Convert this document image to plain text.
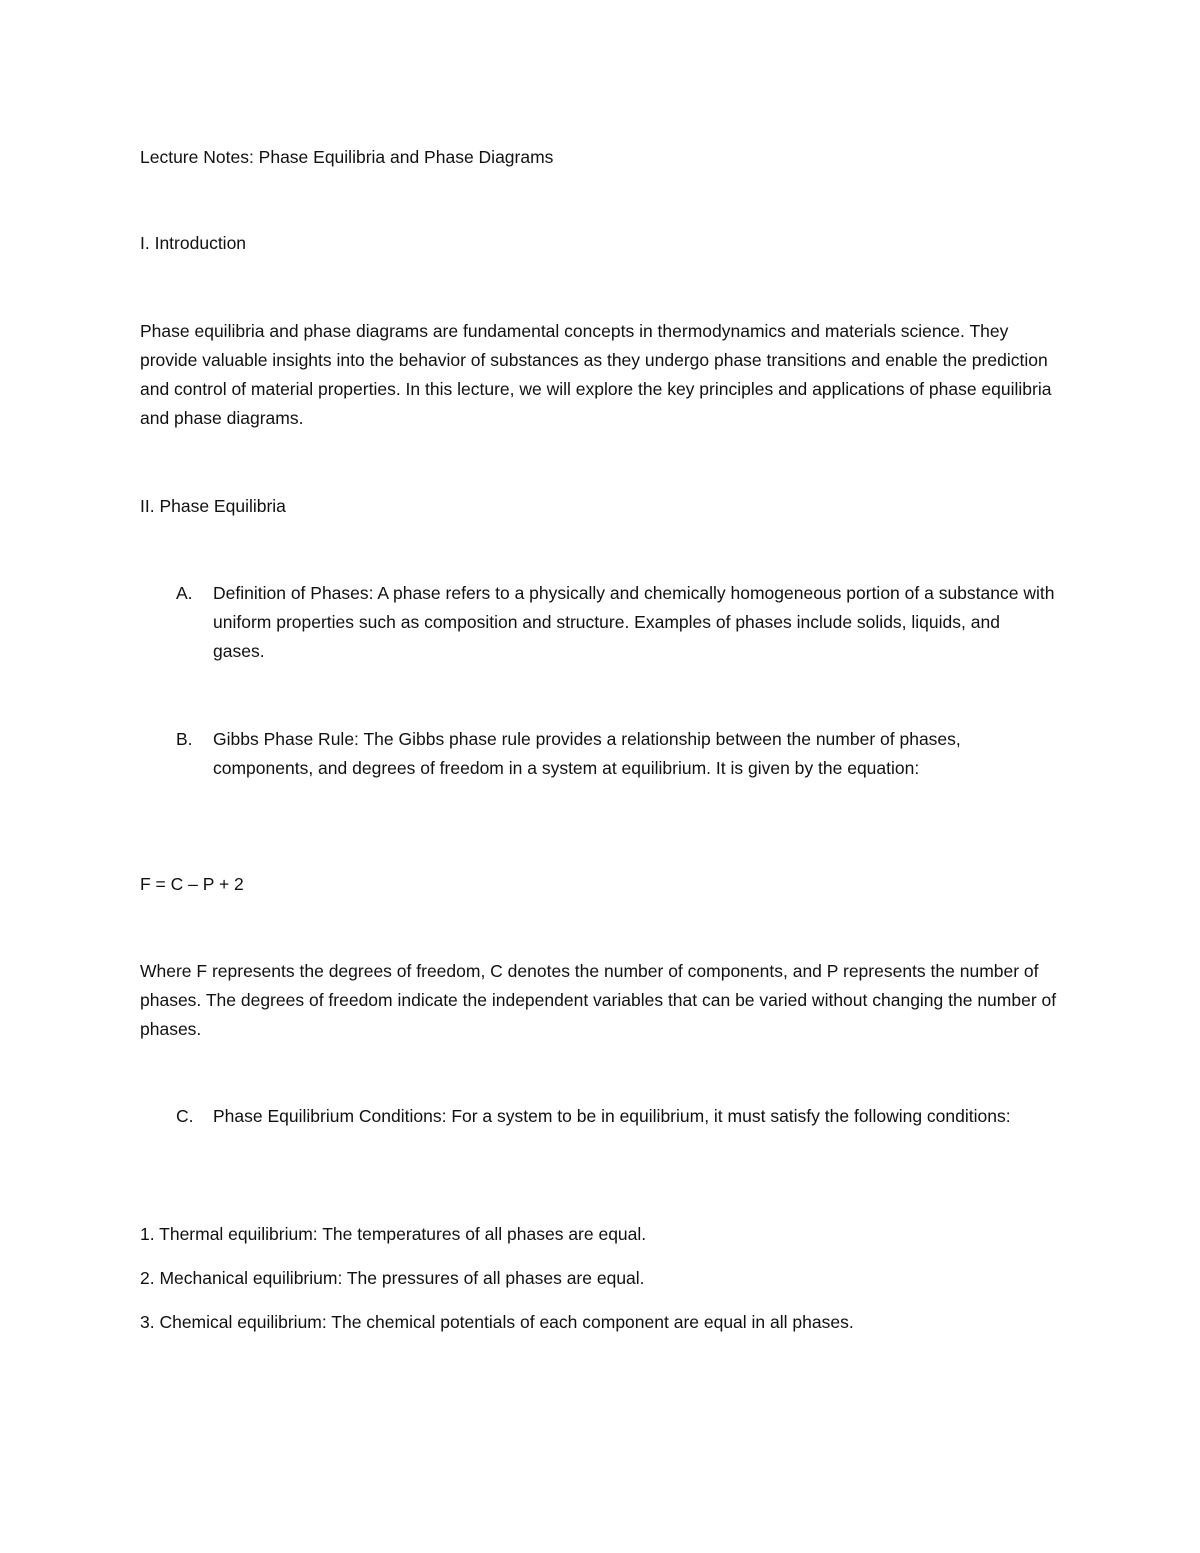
Lecture Notes: Phase Equilibria and Phase Diagrams

I. Introduction

Phase equilibria and phase diagrams are fundamental concepts in thermodynamics and materials science. They provide valuable insights into the behavior of substances as they undergo phase transitions and enable the prediction and control of material properties. In this lecture, we will explore the key principles and applications of phase equilibria and phase diagrams.

II. Phase Equilibria

A.	Definition of Phases: A phase refers to a physically and chemically homogeneous portion of a substance with uniform properties such as composition and structure. Examples of phases include solids, liquids, and gases.
B.	Gibbs Phase Rule: The Gibbs phase rule provides a relationship between the number of phases, components, and degrees of freedom in a system at equilibrium. It is given by the equation:

F = C – P + 2

Where F represents the degrees of freedom, C denotes the number of components, and P represents the number of phases. The degrees of freedom indicate the independent variables that can be varied without changing the number of phases.

C.	Phase Equilibrium Conditions: For a system to be in equilibrium, it must satisfy the following conditions:

1. Thermal equilibrium: The temperatures of all phases are equal.

2. Mechanical equilibrium: The pressures of all phases are equal.

3. Chemical equilibrium: The chemical potentials of each component are equal in all phases.
